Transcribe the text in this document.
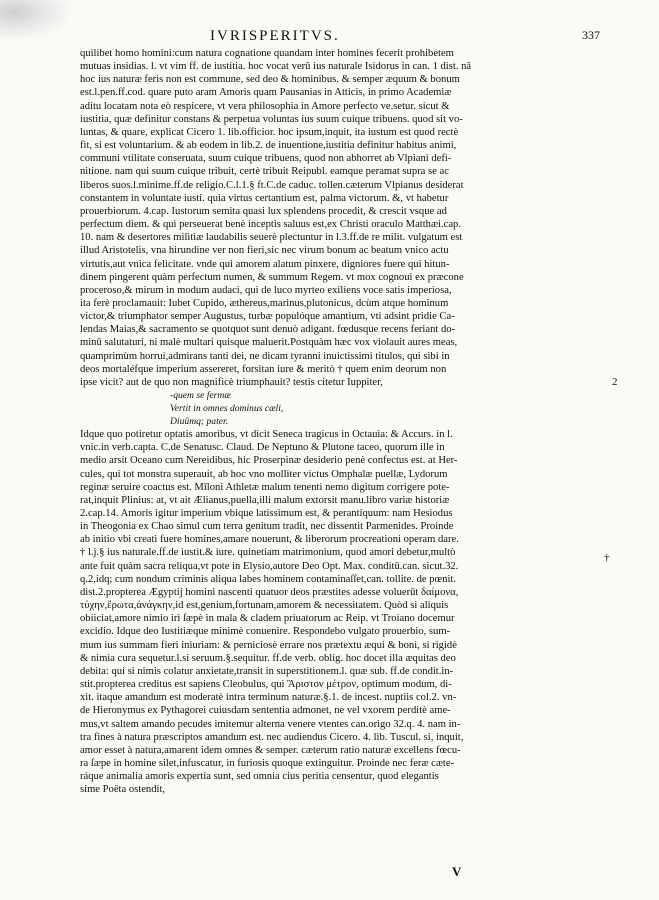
IVRISPERITVS.	337
quilibet homo homini:cum natura cognatione quandam inter homines fecerit prohibetem
mutuas insidias. l. vt vim ff. de iustitia. hoc vocat verū ius naturale Isidorus in can. 1 dist. nā
hoc ius naturæ feris non est commune, sed deo & hominibus. & semper æquum & bonum
est.l.pen.ff.cod. quare puto aram Amoris quam Pausanias in Atticis, in primo Academiæ
aditu locatam nota eò respicere, vt vera philosophia in Amore perfecto ve.setur. sicut &
iustitia, quæ definitur constans & perpetua voluntas ius suum cuique tribuens. quod sit vo-
luntas, & quare, explicat Cicero 1. lib.officior. hoc ipsum,inquit, ita iustum est quod rectè
fit, si est voluntarium. & ab eodem in lib.2. de inuentione,iustitia definitur habitus animi,
communi vtilitate conseruata, suum cuique tribuens, quod non abhorret ab Vlpiani defi-
nitione. nam qui suum cuique tribuit, certè tribuit Reipubl. eamque peramat supra se ac
liberos suos.l.minime.ff.de religio.C.l.1.§ ft.C.de caduc. tollen.cæterum Vlpianus desiderat
constantem in voluntate iusti. quia virtus certantium est, palma victorum. &, vt habetur
prouerbiorum. 4.cap. Iustorum semita quasi lux splendens procedit, & crescit vsque ad
perfectum diem. & qui perseuerat benè inceptis saluus est,ex Christi oraculo Matthæi.cap.
10. nam & desertores militiæ laudabilis seuerè plectuntur in l.3.ff.de re milit. vulgatum est
illud Aristotelis, vna hirundine ver non fieri,sic nec virum bonum ac beatum vnico actu
virtutis,aut vnica felicitate. vnde qui amorem alatum pinxere, digniores fuere qui hitun-
dinem pingerent quàm perfectum numen, & summum Regem. vt mox cognoui ex præcone
proceroso,& mirum in modum audaci, qui de luco myrteo exiliens voce satis imperiosa,
ita ferè proclamauit: Iubet Cupido, æthereus,marinus,plutonicus, dcùm atque hominum
victor,& triumphator semper Augustus, turbæ populóque amantium, vti adsint pridie Ca-
lendas Maias,& sacramento se quotquot sunt denuò adigant. fœdusque recens feriant do-
minū salutaturi, ni malè multari quisque maluerit.Postquàm hæc vox violauit aures meas,
quamprimùm horrui,admirans tanti dei, ne dicam tyranni inuictissimi titulos, qui sibi in
deos mortaléfque imperium assereret, forsitan iure & meritò † quem enim deorum non
ipse vicit? aut de quo non magnificè triumphauit? testis citetur Iuppiter,
-quem se fermæ
Vertit in omnes dominus cæli,
Diuûmq; pater.
Idque quo potiretur optatis amoribus, vt dicit Seneca tragicus in Octauia: & Accurs. in l.
vnic.in verb.capta. C.de Senatusc. Claud. De Neptuno & Plutone taceo, quorum ille in
medio arsit Oceano cum Nereidibus, hic Proserpinæ desiderio penè confectus est. at Her-
cules, qui tot monstra superauit, ab hoc vno molliter victus Omphalæ puellæ, Lydorum
reginæ seruire coactus est. Mīloni Athletæ malum tenenti nemo digitum corrigere pote-
rat,inquit Plinius: at, vt ait Ælianus,puella,illi malum extorsit manu.libro variæ historiæ
2.cap.14. Amoris igitur imperium vbique latissimum est, & perantiquum: nam Hesiodus
in Theogonia ex Chao simul cum terra genitum tradit, nec dissentit Parmenides. Proinde
ab initio vbi creati fuere homines,amare nouerunt, & liberorum procreationi operam dare.
† l.j.§ ius naturale.ff.de iustit.& iure. quinetiam matrimonium, quod amori debetur,multò
ante fuit quàm sacra reliqua,vt pote in Elysio,autore Deo Opt. Max. conditū.can. sicut.32.
q.2,idq; cum nondum criminis aliqua labes hominem contaminaſſet,can. tollite. de pœnit.
dist.2.propterea Ægyptij homini nascenti quatuor deos præstites adesse voluerūt δαίμονα,
τύχην,ἔρωτα,ἀνάγκην,id est,genium,fortunam,amorem & necessitatem. Quòd si aliquis
obiiciat,amore nimio iri ſæpè in mala & cladem priuatorum ac Reip. vt Troiano docemur
excidio. Idque deo Iustitiæque minimè conuenire. Respondebo vulgato prouerbio, sum-
mum ius summam fieri iniuriam: & perniciosè errare nos prætextu æqui & boni, si rigidè
& nimia cura sequetur.l.si seruum.§.sequitur. ff.de verb. oblig. hoc docet illa æquitas deo
debita: qui si nimis colatur anxietate,transit in superstitionem.l. quæ sub. ff.de condit.in-
stit.propterea creditus est sapiens Cleobulus, qui Ἄριστον μέτρον, optimum modum, di-
xit. itaque amandum est moderatè intra terminum naturæ.§.1. de incest. nuptiis col.2. vn-
de Hieronymus ex Pythagorei cuiusdam sententia admonet, ne vel vxorem perditè ame-
mus,vt saltem amando pecudes imitemur alterna venere vtentes can.origo 32.q. 4. nam in-
tra fines à natura præscriptos amandum est. nec audiendus Cicero. 4. lib. Tuscul. si, inquit,
amor esset à natura,amarent idem omnes & semper. cæterum ratio naturæ excellens fœcu-
ra ſæpe in homine silet,infuscatur, in furiosis quoque extinguitur. Proinde nec feræ cæte-
ráque animalia amoris expertia sunt, sed omnia cius peritia censentur, quod elegantis
sime Poëta ostendit,
2
†
V
